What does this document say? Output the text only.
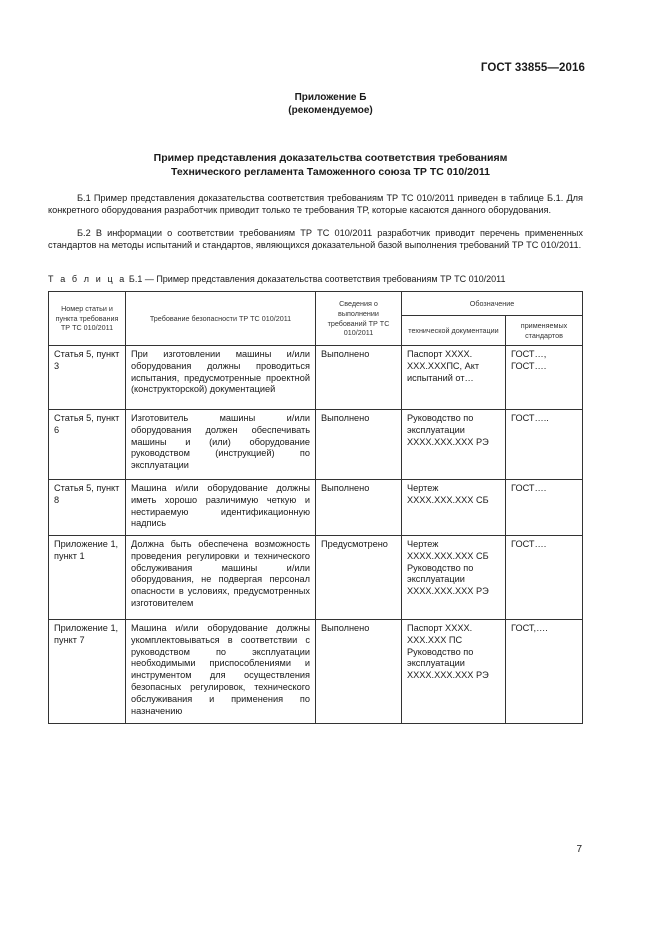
ГОСТ 33855—2016
Приложение Б
(рекомендуемое)
Пример представления доказательства соответствия требованиям
Технического регламента Таможенного союза ТР ТС 010/2011

Б.1 Пример представления доказательства соответствия требованиям ТР ТС 010/2011 приведен в таблице Б.1. Для конкретного оборудования разработчик приводит только те требования ТР, которые касаются данного оборудования.

Б.2 В информации о соответствии требованиям ТР ТС 010/2011 разработчик приводит перечень примененных стандартов на методы испытаний и стандартов, являющихся доказательной базой выполнения требований ТР ТС 010/2011.

Т а б л и ц а Б.1 — Пример представления доказательства соответствия требованиям ТР ТС 010/2011
Номер статьи и пункта требования ТР ТС 010/2011	Требование безопасности ТР ТС 010/2011	Сведения о выполнении требований ТР ТС 010/2011	Обозначение	
			технической документации	применяемых стандартов
Статья 5, пункт 3	При изготовлении машины и/или оборудования должны проводиться испытания, предусмотренные проектной (конструкторской) документацией	Выполнено	Паспорт ХХХХ. ХХХ.ХХХПС, Акт испытаний от…	ГОСТ…, ГОСТ….
Статья 5, пункт 6	Изготовитель машины и/или оборудования должен обеспечивать машины и (или) оборудование руководством (инструкцией) по эксплуатации	Выполнено	Руководство по эксплуатации ХХХХ.ХХХ.ХХХ РЭ	ГОСТ…..
Статья 5, пункт 8	Машина и/или оборудование должны иметь хорошо различимую четкую и нестираемую идентификационную надпись	Выполнено	Чертеж ХХХХ.ХХХ.ХХХ СБ	ГОСТ….
Приложение 1, пункт 1	Должна быть обеспечена возможность проведения регулировки и технического обслуживания машины и/или оборудования, не подвергая персонал опасности в условиях, предусмотренных изготовителем	Предусмотрено	Чертеж ХХХХ.ХХХ.ХХХ СБ Руководство по эксплуатации ХХХХ.ХХХ.ХХХ РЭ	ГОСТ….
Приложение 1, пункт 7	Машина и/или оборудование должны укомплектовываться в соответствии с руководством по эксплуатации необходимыми приспособлениями и инструментом для осуществления безопасных регулировок, технического обслуживания и применения по назначению	Выполнено	Паспорт ХХХХ. ХХХ.ХХХ ПС Руководство по эксплуатации ХХХХ.ХХХ.ХХХ РЭ	ГОСТ,….
7
